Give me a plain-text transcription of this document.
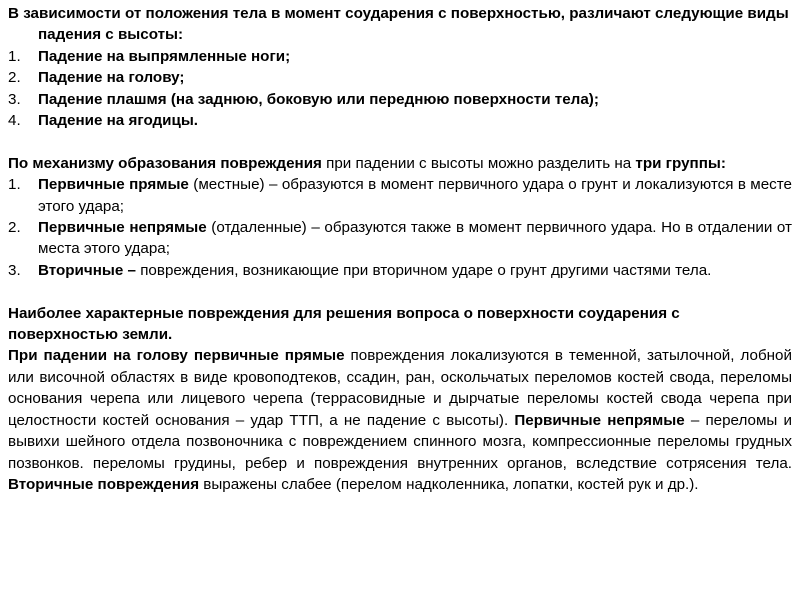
В зависимости от положения тела в момент соударения с поверхностью, различают следующие виды падения с высоты:

1. Падение на выпрямленные ноги;
2. Падение на голову;
3. Падение плашмя (на заднюю, боковую или переднюю поверхности тела);
4. Падение на ягодицы.

По механизму образования повреждения при падении с высоты можно разделить на три группы:

1. Первичные прямые (местные) – образуются в момент первичного удара о грунт и локализуются в месте этого удара;
2. Первичные непрямые (отдаленные) – образуются также в момент первичного удара. Но в отдалении от места этого удара;
3. Вторичные – повреждения, возникающие при вторичном ударе о грунт другими частями тела.

Наиболее характерные повреждения для решения вопроса о поверхности соударения с поверхностью земли.

При падении на голову первичные прямые повреждения локализуются в теменной, затылочной, лобной или височной областях в виде кровоподтеков, ссадин, ран, оскольчатых переломов костей свода, переломы основания черепа или лицевого черепа (террасовидные и дырчатые переломы костей свода черепа при целостности костей основания – удар ТТП, а не падение с высоты). Первичные непрямые – переломы и вывихи шейного отдела позвоночника с повреждением спинного мозга, компрессионные переломы грудных позвонков. переломы грудины, ребер и повреждения внутренних органов, вследствие сотрясения тела. Вторичные повреждения выражены слабее (перелом надколенника, лопатки, костей рук и др.).
